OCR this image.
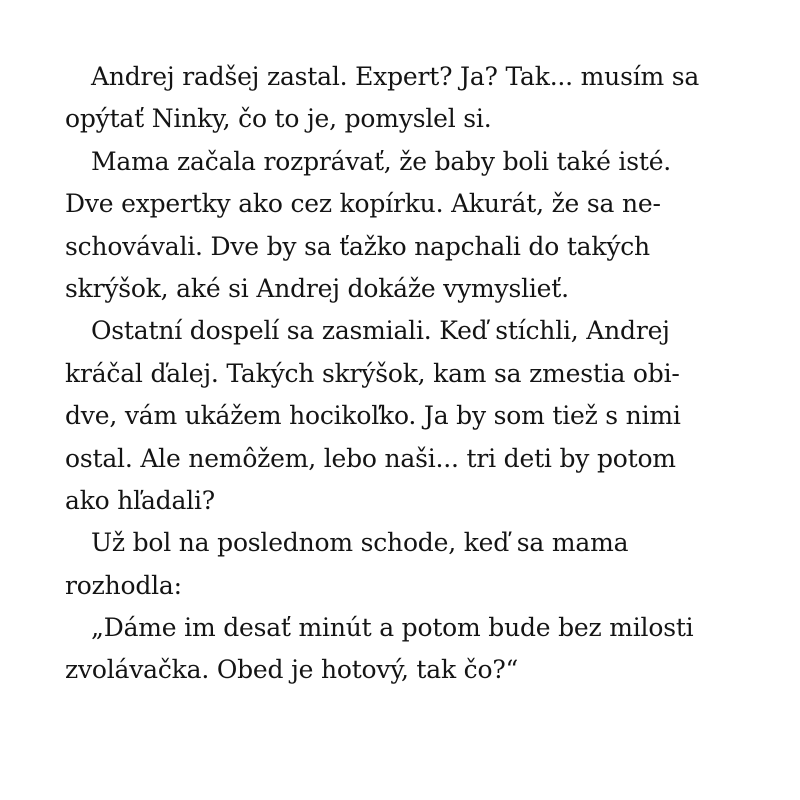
Andrej radšej zastal. Expert? Ja? Tak... musím sa
opýtať Ninky, čo to je, pomyslel si.
Mama začala rozprávať, že baby boli také isté.
Dve expertky ako cez kopírku. Akurát, že sa ne-
schovávali. Dve by sa ťažko napchali do takých
skrýšok, aké si Andrej dokáže vymyslieť.
Ostatní dospelí sa zasmiali. Keď stíchli, Andrej
kráčal ďalej. Takých skrýšok, kam sa zmestia obi-
dve, vám ukážem hocikoľko. Ja by som tiež s nimi
ostal. Ale nemôžem, lebo naši... tri deti by potom
ako hľadali?
Už bol na poslednom schode, keď sa mama
rozhodla:
„Dáme im desať minút a potom bude bez milosti
zvolávačka. Obed je hotový, tak čo?“
